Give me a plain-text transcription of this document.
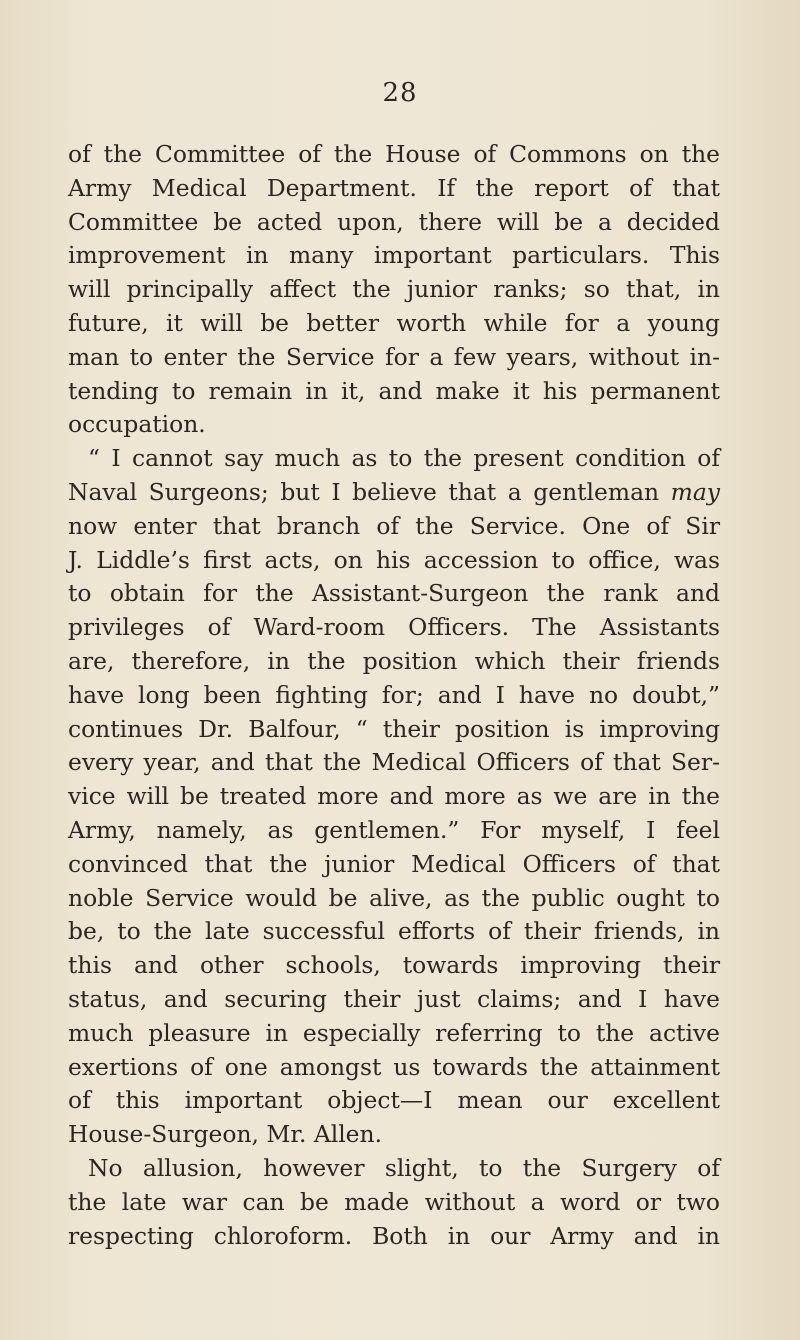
28
of the Committee of the House of Commons on the
Army Medical Department. If the report of that
Committee be acted upon, there will be a decided
improvement in many important particulars. This
will principally affect the junior ranks; so that, in
future, it will be better worth while for a young
man to enter the Service for a few years, without in-
tending to remain in it, and make it his permanent
occupation.
“ I cannot say much as to the present condition of
Naval Surgeons; but I believe that a gentleman may
now enter that branch of the Service. One of Sir
J. Liddle’s first acts, on his accession to office, was
to obtain for the Assistant-Surgeon the rank and
privileges of Ward-room Officers. The Assistants
are, therefore, in the position which their friends
have long been fighting for; and I have no doubt,”
continues Dr. Balfour, “ their position is improving
every year, and that the Medical Officers of that Ser-
vice will be treated more and more as we are in the
Army, namely, as gentlemen.” For myself, I feel
convinced that the junior Medical Officers of that
noble Service would be alive, as the public ought to
be, to the late successful efforts of their friends, in
this and other schools, towards improving their
status, and securing their just claims; and I have
much pleasure in especially referring to the active
exertions of one amongst us towards the attainment
of this important object—I mean our excellent
House-Surgeon, Mr. Allen.
No allusion, however slight, to the Surgery of
the late war can be made without a word or two
respecting chloroform. Both in our Army and in
